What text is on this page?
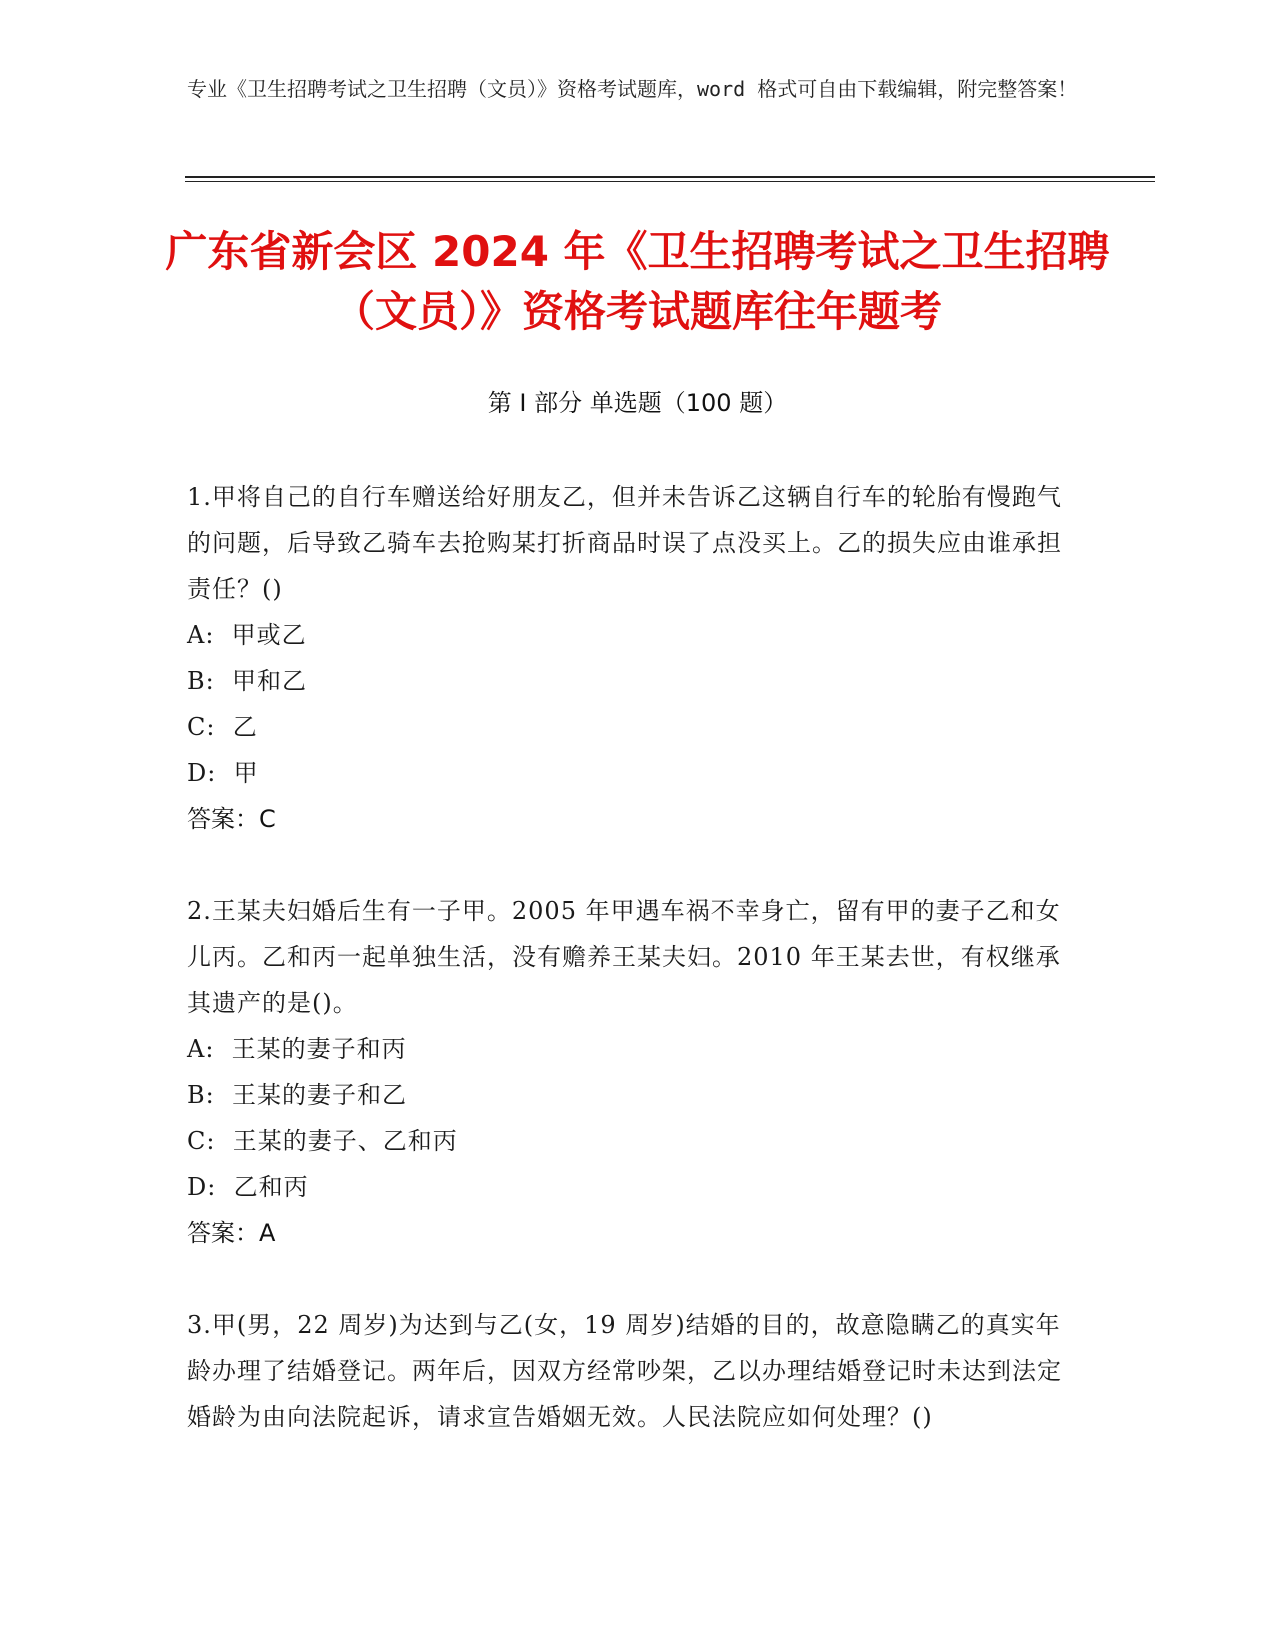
专业《卫生招聘考试之卫生招聘（文员）》资格考试题库，word 格式可自由下载编辑，附完整答案！
广东省新会区 2024 年《卫生招聘考试之卫生招聘（文员）》资格考试题库往年题考
第 I 部分 单选题（100 题）
1.甲将自己的自行车赠送给好朋友乙，但并未告诉乙这辆自行车的轮胎有慢跑气的问题，后导致乙骑车去抢购某打折商品时误了点没买上。乙的损失应由谁承担责任？()
A:  甲或乙
B:  甲和乙
C:  乙
D:  甲
答案：C
2.王某夫妇婚后生有一子甲。2005 年甲遇车祸不幸身亡，留有甲的妻子乙和女儿丙。乙和丙一起单独生活，没有赡养王某夫妇。2010 年王某去世，有权继承其遗产的是()。
A:  王某的妻子和丙
B:  王某的妻子和乙
C:  王某的妻子、乙和丙
D:  乙和丙
答案：A
3.甲(男，22 周岁)为达到与乙(女，19 周岁)结婚的目的，故意隐瞒乙的真实年龄办理了结婚登记。两年后，因双方经常吵架，乙以办理结婚登记时未达到法定婚龄为由向法院起诉，请求宣告婚姻无效。人民法院应如何处理？()
